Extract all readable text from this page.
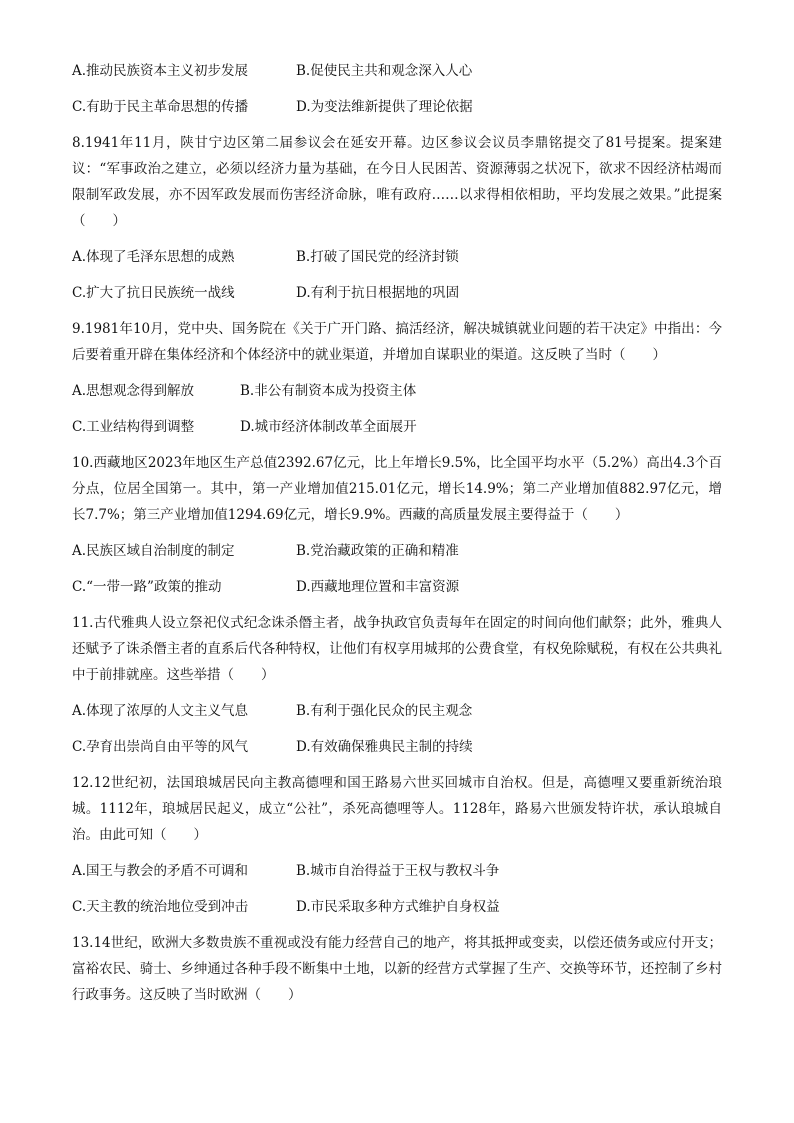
A.推动民族资本主义初步发展	B.促使民主共和观念深入人心
C.有助于民主革命思想的传播	D.为变法维新提供了理论依据

8.1941年11月，陕甘宁边区第二届参议会在延安开幕。边区参议会议员李鼎铭提交了81号提案。提案建议：“军事政治之建立，必须以经济力量为基础，在今日人民困苦、资源薄弱之状况下，欲求不因经济枯竭而限制军政发展，亦不因军政发展而伤害经济命脉，唯有政府……以求得相依相助，平均发展之效果。”此提案（　　）

A.体现了毛泽东思想的成熟	B.打破了国民党的经济封锁
C.扩大了抗日民族统一战线	D.有利于抗日根据地的巩固

9.1981年10月，党中央、国务院在《关于广开门路、搞活经济，解决城镇就业问题的若干决定》中指出：今后要着重开辟在集体经济和个体经济中的就业渠道，并增加自谋职业的渠道。这反映了当时（　　）

A.思想观念得到解放	B.非公有制资本成为投资主体
C.工业结构得到调整	D.城市经济体制改革全面展开

10.西藏地区2023年地区生产总值2392.67亿元，比上年增长9.5%，比全国平均水平（5.2%）高出4.3个百分点，位居全国第一。其中，第一产业增加值215.01亿元，增长14.9%；第二产业增加值882.97亿元，增长7.7%；第三产业增加值1294.69亿元，增长9.9%。西藏的高质量发展主要得益于（　　）

A.民族区域自治制度的制定	B.党治藏政策的正确和精准
C.“一带一路”政策的推动	D.西藏地理位置和丰富资源

11.古代雅典人设立祭祀仪式纪念诛杀僭主者，战争执政官负责每年在固定的时间向他们献祭；此外，雅典人还赋予了诛杀僭主者的直系后代各种特权，让他们有权享用城邦的公费食堂，有权免除赋税，有权在公共典礼中于前排就座。这些举措（　　）

A.体现了浓厚的人文主义气息	B.有利于强化民众的民主观念
C.孕育出崇尚自由平等的风气	D.有效确保雅典民主制的持续

12.12世纪初，法国琅城居民向主教高德哩和国王路易六世买回城市自治权。但是，高德哩又要重新统治琅城。1112年，琅城居民起义，成立“公社”，杀死高德哩等人。1128年，路易六世颁发特许状，承认琅城自治。由此可知（　　）

A.国王与教会的矛盾不可调和	B.城市自治得益于王权与教权斗争
C.天主教的统治地位受到冲击	D.市民采取多种方式维护自身权益

13.14世纪，欧洲大多数贵族不重视或没有能力经营自己的地产，将其抵押或变卖，以偿还债务或应付开支；富裕农民、骑士、乡绅通过各种手段不断集中土地，以新的经营方式掌握了生产、交换等环节，还控制了乡村行政事务。这反映了当时欧洲（　　）
